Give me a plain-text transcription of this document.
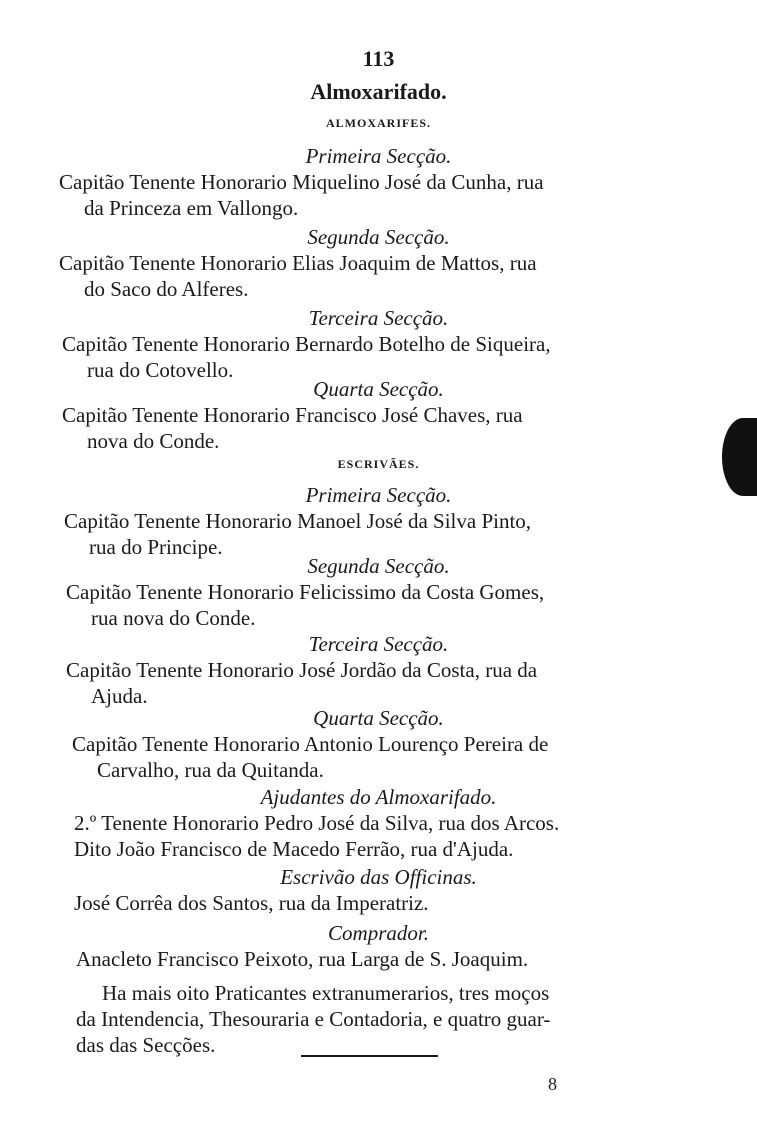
113
Almoxarifado.
ALMOXARIFES.
Primeira Secção.
Capitão Tenente Honorario Miquelino José da Cunha, rua
da Princeza em Vallongo.
Segunda Secção.
Capitão Tenente Honorario Elias Joaquim de Mattos, rua
do Saco do Alferes.
Terceira Secção.
Capitão Tenente Honorario Bernardo Botelho de Siqueira,
rua do Cotovello.
Quarta Secção.
Capitão Tenente Honorario Francisco José Chaves, rua
nova do Conde.
ESCRIVÃES.
Primeira Secção.
Capitão Tenente Honorario Manoel José da Silva Pinto,
rua do Principe.
Segunda Secção.
Capitão Tenente Honorario Felicissimo da Costa Gomes,
rua nova do Conde.
Terceira Secção.
Capitão Tenente Honorario José Jordão da Costa, rua da
Ajuda.
Quarta Secção.
Capitão Tenente Honorario Antonio Lourenço Pereira de
Carvalho, rua da Quitanda.
Ajudantes do Almoxarifado.
2.º Tenente Honorario Pedro José da Silva, rua dos Arcos.
Dito João Francisco de Macedo Ferrão, rua d'Ajuda.
Escrivão das Officinas.
José Corrêa dos Santos, rua da Imperatriz.
Comprador.
Anacleto Francisco Peixoto, rua Larga de S. Joaquim.
Ha mais oito Praticantes extranumerarios, tres moços
da Intendencia, Thesouraria e Contadoria, e quatro guar-
das das Secções.
8
